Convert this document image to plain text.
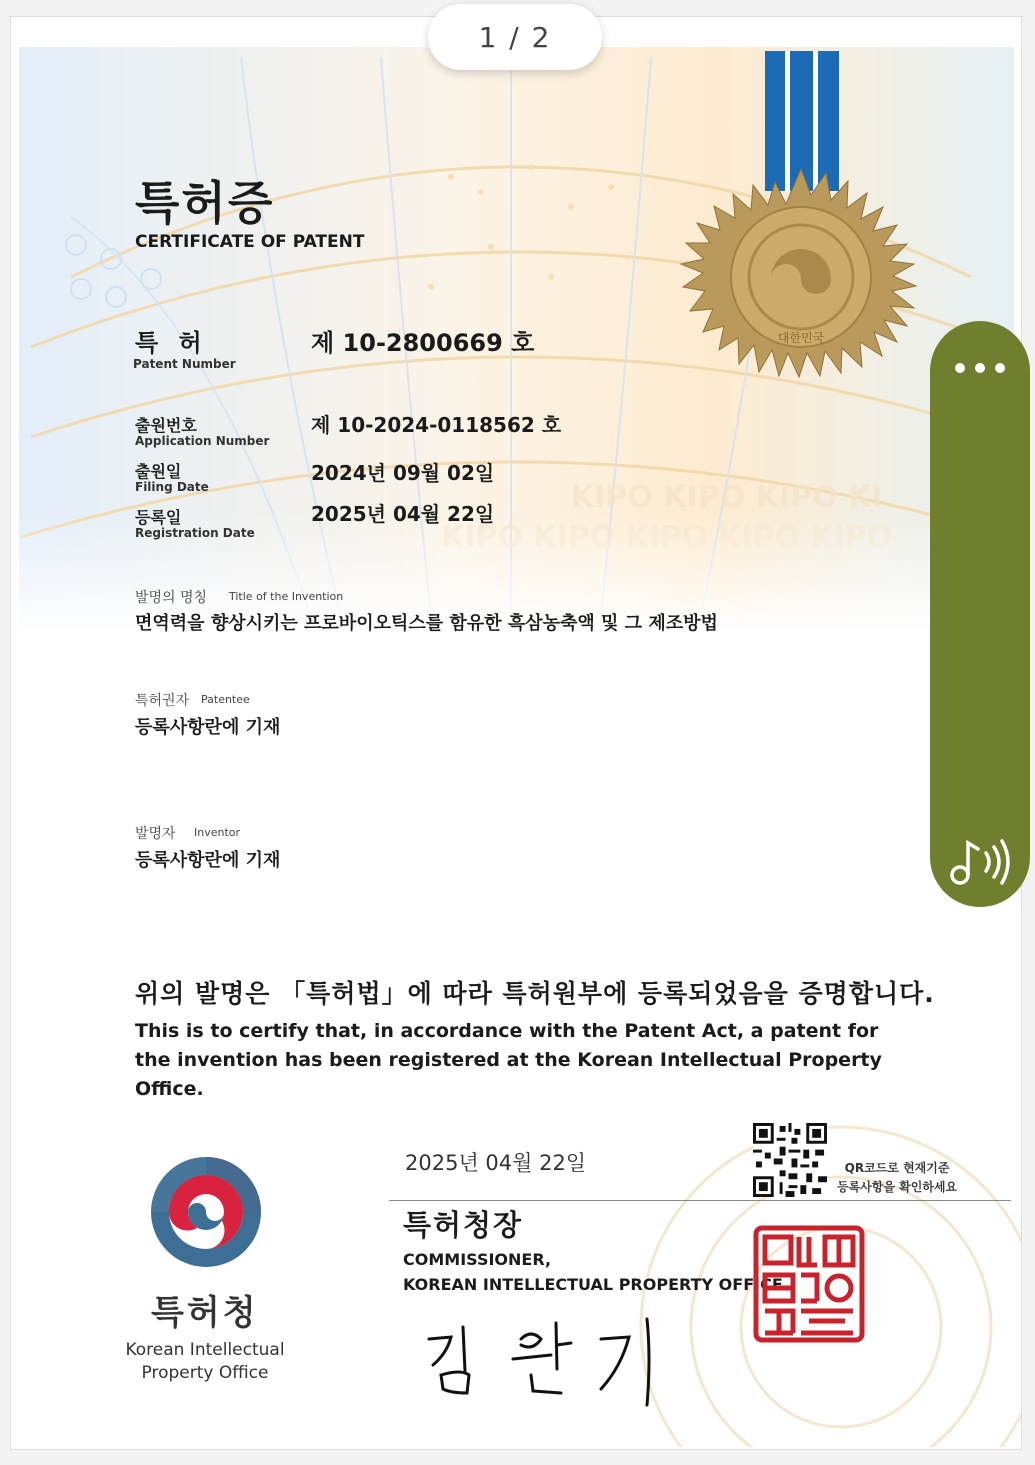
1 / 2
대한민국
특허증
CERTIFICATE OF PATENT
특 허
Patent Number
제 10-2800669 호
출원번호
Application Number
제 10-2024-0118562 호
출원일
Filing Date
2024년 09월 02일
등록일
Registration Date
2025년 04월 22일
발명의 명칭 Title of the Invention
면역력을 향상시키는 프로바이오틱스를 함유한 흑삼농축액 및 그 제조방법
특허권자 Patentee
등록사항란에 기재
발명자 Inventor
등록사항란에 기재
위의 발명은 「특허법」에 따라 특허원부에 등록되었음을 증명합니다.
This is to certify that, in accordance with the Patent Act, a patent for the invention has been registered at the Korean Intellectual Property Office.
2025년 04월 22일	QR코드로 현재기준
등록사항을 확인하세요
특허청장
COMMISSIONER,
KOREAN INTELLECTUAL PROPERTY OFFICE
특허청
Korean Intellectual
Property Office
